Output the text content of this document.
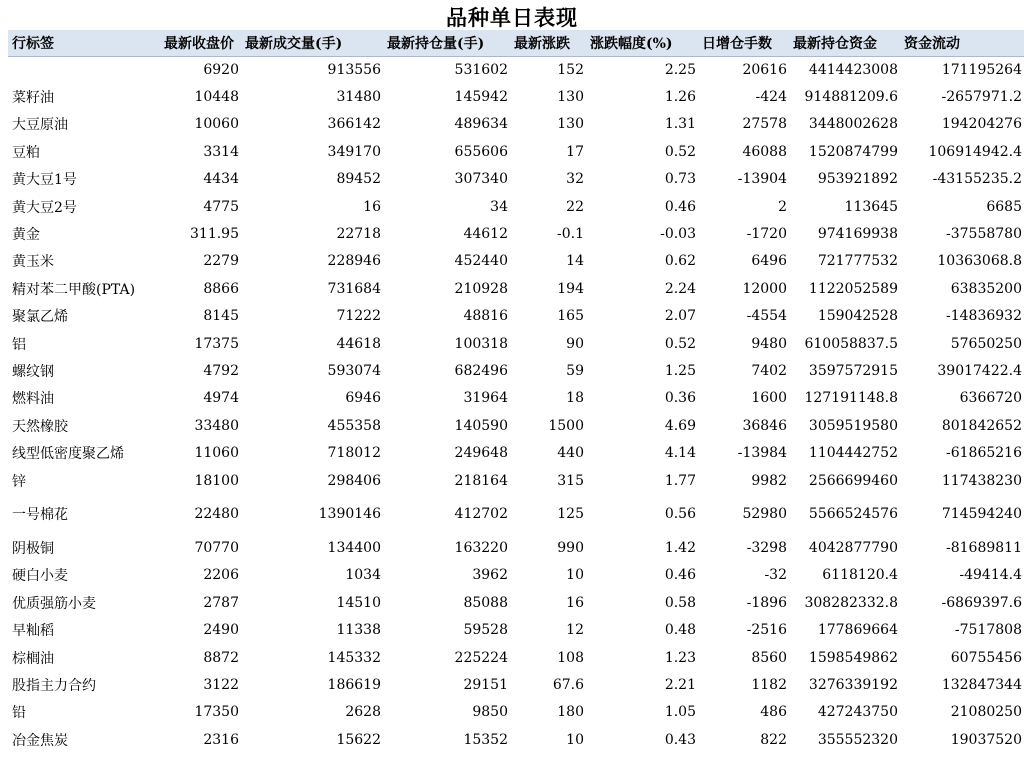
品种单日表现
行标签	最新收盘价	最新成交量(手)	最新持仓量(手)	最新涨跌	涨跌幅度(%)	日增仓手数	最新持仓资金	资金流动
	6920	913556	531602	152	2.25	20616	4414423008	171195264
菜籽油	10448	31480	145942	130	1.26	-424	914881209.6	-2657971.2
大豆原油	10060	366142	489634	130	1.31	27578	3448002628	194204276
豆粕	3314	349170	655606	17	0.52	46088	1520874799	106914942.4
黄大豆1号	4434	89452	307340	32	0.73	-13904	953921892	-43155235.2
黄大豆2号	4775	16	34	22	0.46	2	113645	6685
黄金	311.95	22718	44612	-0.1	-0.03	-1720	974169938	-37558780
黄玉米	2279	228946	452440	14	0.62	6496	721777532	10363068.8
精对苯二甲酸(PTA)	8866	731684	210928	194	2.24	12000	1122052589	63835200
聚氯乙烯	8145	71222	48816	165	2.07	-4554	159042528	-14836932
铝	17375	44618	100318	90	0.52	9480	610058837.5	57650250
螺纹钢	4792	593074	682496	59	1.25	7402	3597572915	39017422.4
燃料油	4974	6946	31964	18	0.36	1600	127191148.8	6366720
天然橡胶	33480	455358	140590	1500	4.69	36846	3059519580	801842652
线型低密度聚乙烯	11060	718012	249648	440	4.14	-13984	1104442752	-61865216
锌	18100	298406	218164	315	1.77	9982	2566699460	117438230
一号棉花	22480	1390146	412702	125	0.56	52980	5566524576	714594240
阴极铜	70770	134400	163220	990	1.42	-3298	4042877790	-81689811
硬白小麦	2206	1034	3962	10	0.46	-32	6118120.4	-49414.4
优质强筋小麦	2787	14510	85088	16	0.58	-1896	308282332.8	-6869397.6
早籼稻	2490	11338	59528	12	0.48	-2516	177869664	-7517808
棕榈油	8872	145332	225224	108	1.23	8560	1598549862	60755456
股指主力合约	3122	186619	29151	67.6	2.21	1182	3276339192	132847344
铅	17350	2628	9850	180	1.05	486	427243750	21080250
冶金焦炭	2316	15622	15352	10	0.43	822	355552320	19037520
